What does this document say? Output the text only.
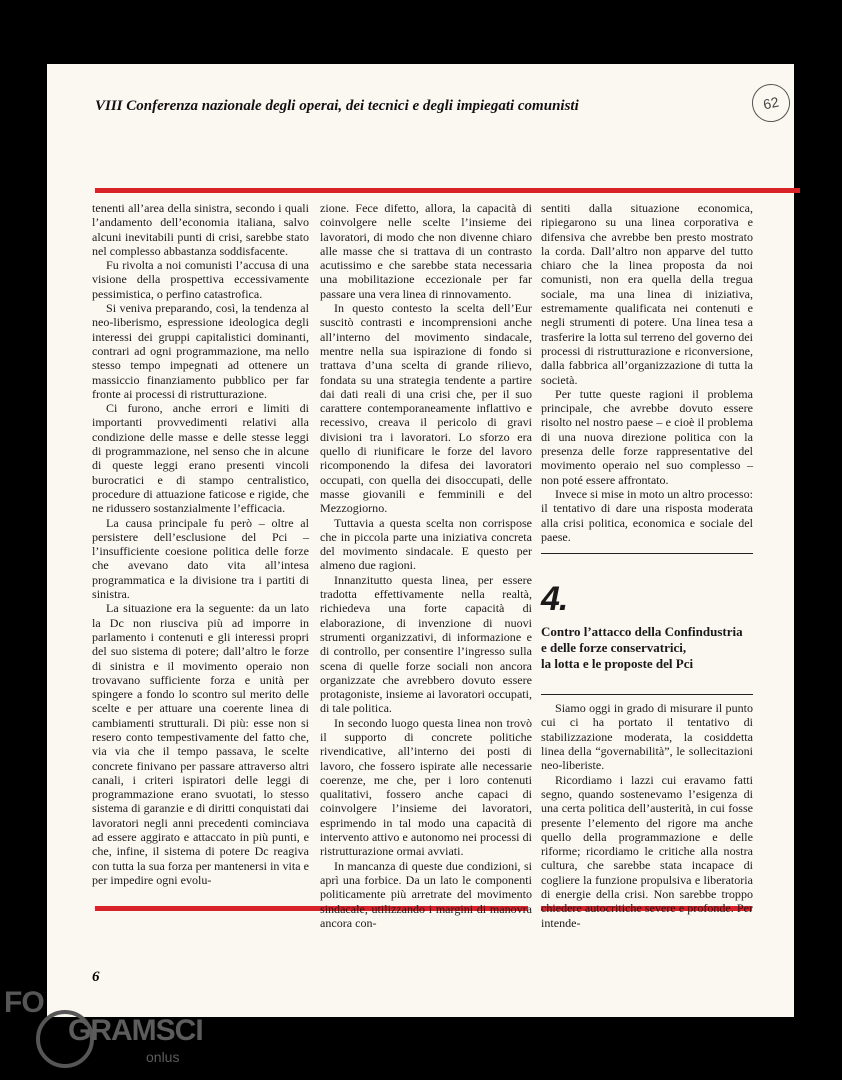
VIII Conferenza nazionale degli operai, dei tecnici e degli impiegati comunisti	62

tenenti all’area della sinistra, secondo i quali l’andamento dell’economia italiana, salvo alcuni inevitabili punti di crisi, sarebbe stato nel complesso abbastanza soddisfacente.

Fu rivolta a noi comunisti l’accusa di una visione della prospettiva eccessivamente pessimistica, o perfino catastrofica.

Si veniva preparando, così, la tendenza al neo-liberismo, espressione ideologica degli interessi dei gruppi capitalistici dominanti, contrari ad ogni programmazione, ma nello stesso tempo impegnati ad ottenere un massiccio finanziamento pubblico per far fronte ai processi di ristrutturazione.

Ci furono, anche errori e limiti di importanti provvedimenti relativi alla condizione delle masse e delle stesse leggi di programmazione, nel senso che in alcune di queste leggi erano presenti vincoli burocratici e di stampo centralistico, procedure di attuazione faticose e rigide, che ne ridussero sostanzialmente l’efficacia.

La causa principale fu però – oltre al persistere dell’esclusione del Pci – l’insufficiente coesione politica delle forze che avevano dato vita all’intesa programmatica e la divisione tra i partiti di sinistra.

La situazione era la seguente: da un lato la Dc non riusciva più ad imporre in parlamento i contenuti e gli interessi propri del suo sistema di potere; dall’altro le forze di sinistra e il movimento operaio non trovavano sufficiente forza e unità per spingere a fondo lo scontro sul merito delle scelte e per attuare una coerente linea di cambiamenti strutturali. Di più: esse non si resero conto tempestivamente del fatto che, via via che il tempo passava, le scelte concrete finivano per passare attraverso altri canali, i criteri ispiratori delle leggi di programmazione erano svuotati, lo stesso sistema di garanzie e di diritti conquistati dai lavoratori negli anni precedenti cominciava ad essere aggirato e attaccato in più punti, e che, infine, il sistema di potere Dc reagiva con tutta la sua forza per mantenersi in vita e per impedire ogni evolu-

zione. Fece difetto, allora, la capacità di coinvolgere nelle scelte l’insieme dei lavoratori, di modo che non divenne chiaro alle masse che si trattava di un contrasto acutissimo e che sarebbe stata necessaria una mobilitazione eccezionale per far passare una vera linea di rinnovamento.

In questo contesto la scelta dell’Eur suscitò contrasti e incomprensioni anche all’interno del movimento sindacale, mentre nella sua ispirazione di fondo si trattava d’una scelta di grande rilievo, fondata su una strategia tendente a partire dai dati reali di una crisi che, per il suo carattere contemporaneamente inflattivo e recessivo, creava il pericolo di gravi divisioni tra i lavoratori. Lo sforzo era quello di riunificare le forze del lavoro ricomponendo la difesa dei lavoratori occupati, con quella dei disoccupati, delle masse giovanili e femminili e del Mezzogiorno.

Tuttavia a questa scelta non corrispose che in piccola parte una iniziativa concreta del movimento sindacale. E questo per almeno due ragioni.

Innanzitutto questa linea, per essere tradotta effettivamente nella realtà, richiedeva una forte capacità di elaborazione, di invenzione di nuovi strumenti organizzativi, di informazione e di controllo, per consentire l’ingresso sulla scena di quelle forze sociali non ancora organizzate che avrebbero dovuto essere protagoniste, insieme ai lavoratori occupati, di tale politica.

In secondo luogo questa linea non trovò il supporto di concrete politiche rivendicative, all’interno dei posti di lavoro, che fossero ispirate alle necessarie coerenze, me che, per i loro contenuti qualitativi, fossero anche capaci di coinvolgere l’insieme dei lavoratori, esprimendo in tal modo una capacità di intervento attivo e autonomo nei processi di ristrutturazione ormai avviati.

In mancanza di queste due condizioni, si aprì una forbice. Da un lato le componenti politicamente più arretrate del movimento sindacale, utilizzando i margini di manovra ancora con-

sentiti dalla situazione economica, ripiegarono su una linea corporativa e difensiva che avrebbe ben presto mostrato la corda. Dall’altro non apparve del tutto chiaro che la linea proposta da noi comunisti, non era quella della tregua sociale, ma una linea di iniziativa, estremamente qualificata nei contenuti e negli strumenti di potere. Una linea tesa a trasferire la lotta sul terreno del governo dei processi di ristrutturazione e riconversione, dalla fabbrica all’organizzazione di tutta la società.

Per tutte queste ragioni il problema principale, che avrebbe dovuto essere risolto nel nostro paese – e cioè il problema di una nuova direzione politica con la presenza delle forze rappresentative del movimento operaio nel suo complesso – non poté essere affrontato.

Invece si mise in moto un altro processo: il tentativo di dare una risposta moderata alla crisi politica, economica e sociale del paese.

4.
Contro l’attacco della Confindustria
e delle forze conservatrici,
la lotta e le proposte del Pci

Siamo oggi in grado di misurare il punto cui ci ha portato il tentativo di stabilizzazione moderata, la cosiddetta linea della “governabilità”, le sollecitazioni neo-liberiste.

Ricordiamo i lazzi cui eravamo fatti segno, quando sostenevamo l’esigenza di una certa politica dell’austerità, in cui fosse presente l’elemento del rigore ma anche quello della programmazione e delle riforme; ricordiamo le critiche alla nostra cultura, che sarebbe stata incapace di cogliere la funzione propulsiva e liberatoria di energie della crisi. Non sarebbe troppo chiedere autocritiche severe e profonde. Per intende-

6
FO
GRAMSCI
onlus
